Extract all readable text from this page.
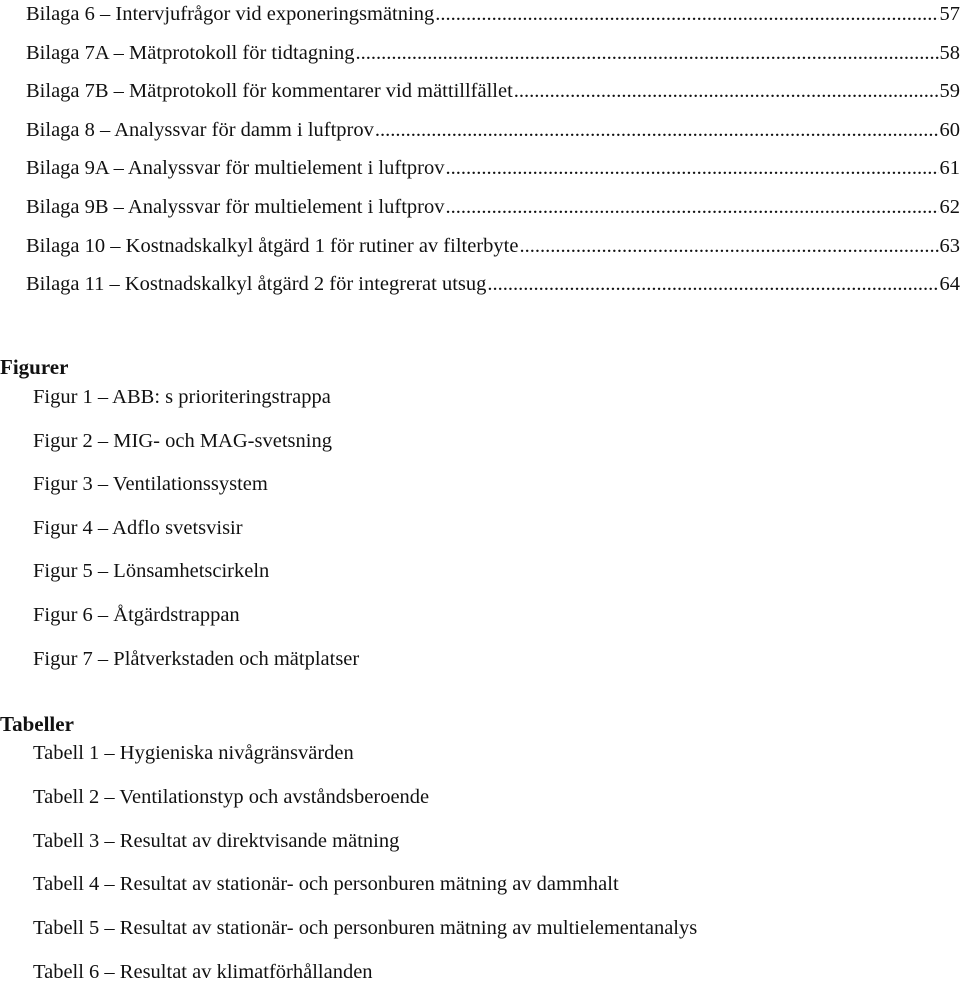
Bilaga 6 – Intervjufrågor vid exponeringsmätning .....	57
Bilaga 7A – Mätprotokoll för tidtagning .....	58
Bilaga 7B – Mätprotokoll för kommentarer vid mättillfället .....	59
Bilaga 8 – Analyssvar för damm i luftprov .....	60
Bilaga 9A – Analyssvar för multielement i luftprov .....	61
Bilaga 9B – Analyssvar för multielement i luftprov .....	62
Bilaga 10 – Kostnadskalkyl åtgärd 1 för rutiner av filterbyte .....	63
Bilaga 11 – Kostnadskalkyl åtgärd 2 för integrerat utsug .....	64
Figurer
Figur 1 – ABB: s prioriteringstrappa
Figur 2 – MIG- och MAG-svetsning
Figur 3 – Ventilationssystem
Figur 4 – Adflo svetsvisir
Figur 5 – Lönsamhetscirkeln
Figur 6 – Åtgärdstrappan
Figur 7 – Plåtverkstaden och mätplatser
Tabeller
Tabell 1 – Hygieniska nivågränsvärden
Tabell 2 – Ventilationstyp och avståndsberoende
Tabell 3 – Resultat av direktvisande mätning
Tabell 4 – Resultat av stationär- och personburen mätning av dammhalt
Tabell 5 – Resultat av stationär- och personburen mätning av multielementanalys
Tabell 6 – Resultat av klimatförhållanden
